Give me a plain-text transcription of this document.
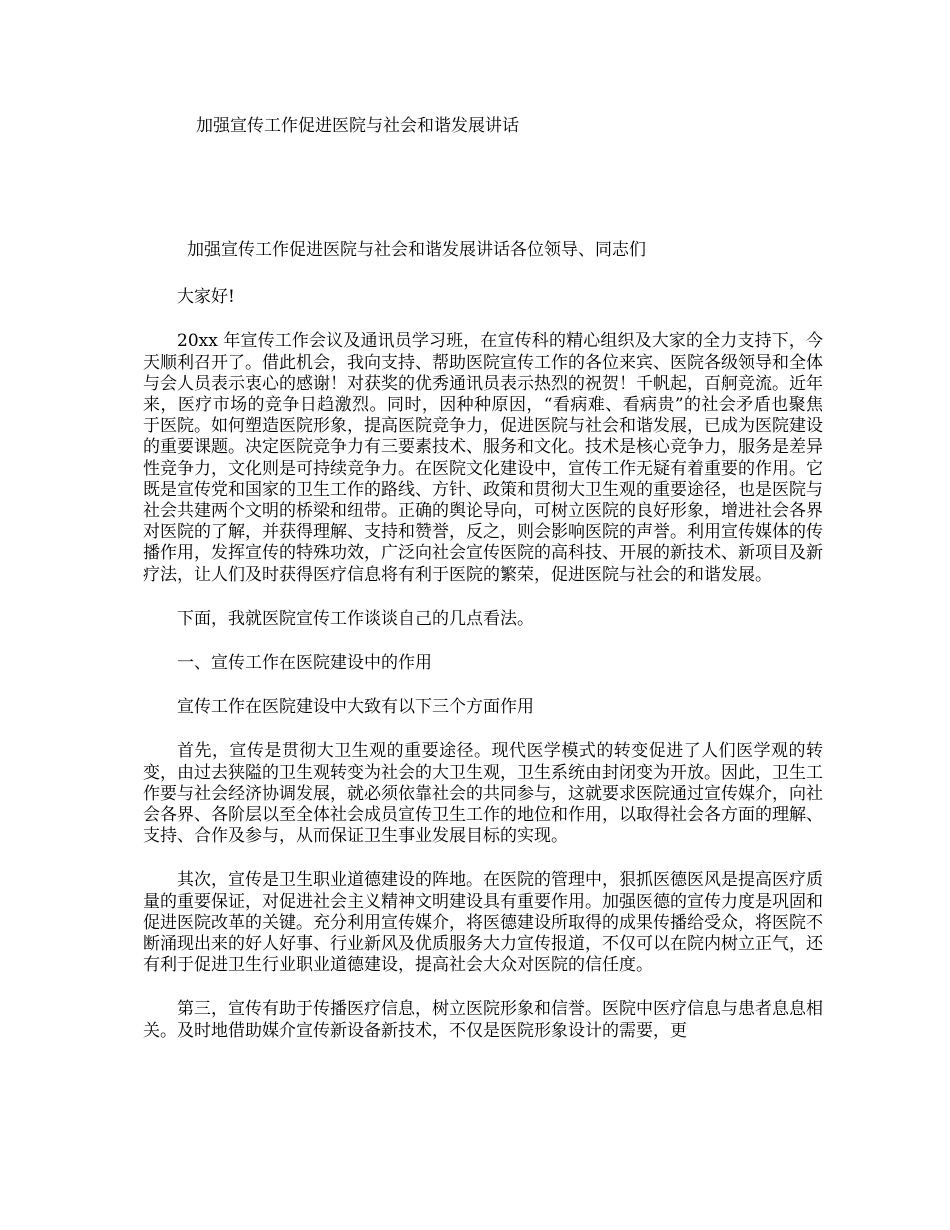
加强宣传工作促进医院与社会和谐发展讲话

加强宣传工作促进医院与社会和谐发展讲话各位领导、同志们

大家好!

20xx 年宣传工作会议及通讯员学习班，在宣传科的精心组织及大家的全力支持下，今天顺利召开了。借此机会，我向支持、帮助医院宣传工作的各位来宾、医院各级领导和全体与会人员表示衷心的感谢！对获奖的优秀通讯员表示热烈的祝贺！千帆起，百舸竞流。近年来，医疗市场的竞争日趋激烈。同时，因种种原因，“看病难、看病贵”的社会矛盾也聚焦于医院。如何塑造医院形象，提高医院竞争力，促进医院与社会和谐发展，已成为医院建设的重要课题。决定医院竞争力有三要素技术、服务和文化。技术是核心竞争力，服务是差异性竞争力，文化则是可持续竞争力。在医院文化建设中，宣传工作无疑有着重要的作用。它既是宣传党和国家的卫生工作的路线、方针、政策和贯彻大卫生观的重要途径，也是医院与社会共建两个文明的桥梁和纽带。正确的舆论导向，可树立医院的良好形象，增进社会各界对医院的了解，并获得理解、支持和赞誉，反之，则会影响医院的声誉。利用宣传媒体的传播作用，发挥宣传的特殊功效，广泛向社会宣传医院的高科技、开展的新技术、新项目及新疗法，让人们及时获得医疗信息将有利于医院的繁荣，促进医院与社会的和谐发展。

下面，我就医院宣传工作谈谈自己的几点看法。

一、宣传工作在医院建设中的作用

宣传工作在医院建设中大致有以下三个方面作用

首先，宣传是贯彻大卫生观的重要途径。现代医学模式的转变促进了人们医学观的转变，由过去狭隘的卫生观转变为社会的大卫生观，卫生系统由封闭变为开放。因此，卫生工作要与社会经济协调发展，就必须依靠社会的共同参与，这就要求医院通过宣传媒介，向社会各界、各阶层以至全体社会成员宣传卫生工作的地位和作用，以取得社会各方面的理解、支持、合作及参与，从而保证卫生事业发展目标的实现。

其次，宣传是卫生职业道德建设的阵地。在医院的管理中，狠抓医德医风是提高医疗质量的重要保证，对促进社会主义精神文明建设具有重要作用。加强医德的宣传力度是巩固和促进医院改革的关键。充分利用宣传媒介，将医德建设所取得的成果传播给受众，将医院不断涌现出来的好人好事、行业新风及优质服务大力宣传报道，不仅可以在院内树立正气，还有利于促进卫生行业职业道德建设，提高社会大众对医院的信任度。

第三，宣传有助于传播医疗信息，树立医院形象和信誉。医院中医疗信息与患者息息相关。及时地借助媒介宣传新设备新技术，不仅是医院形象设计的需要，更
